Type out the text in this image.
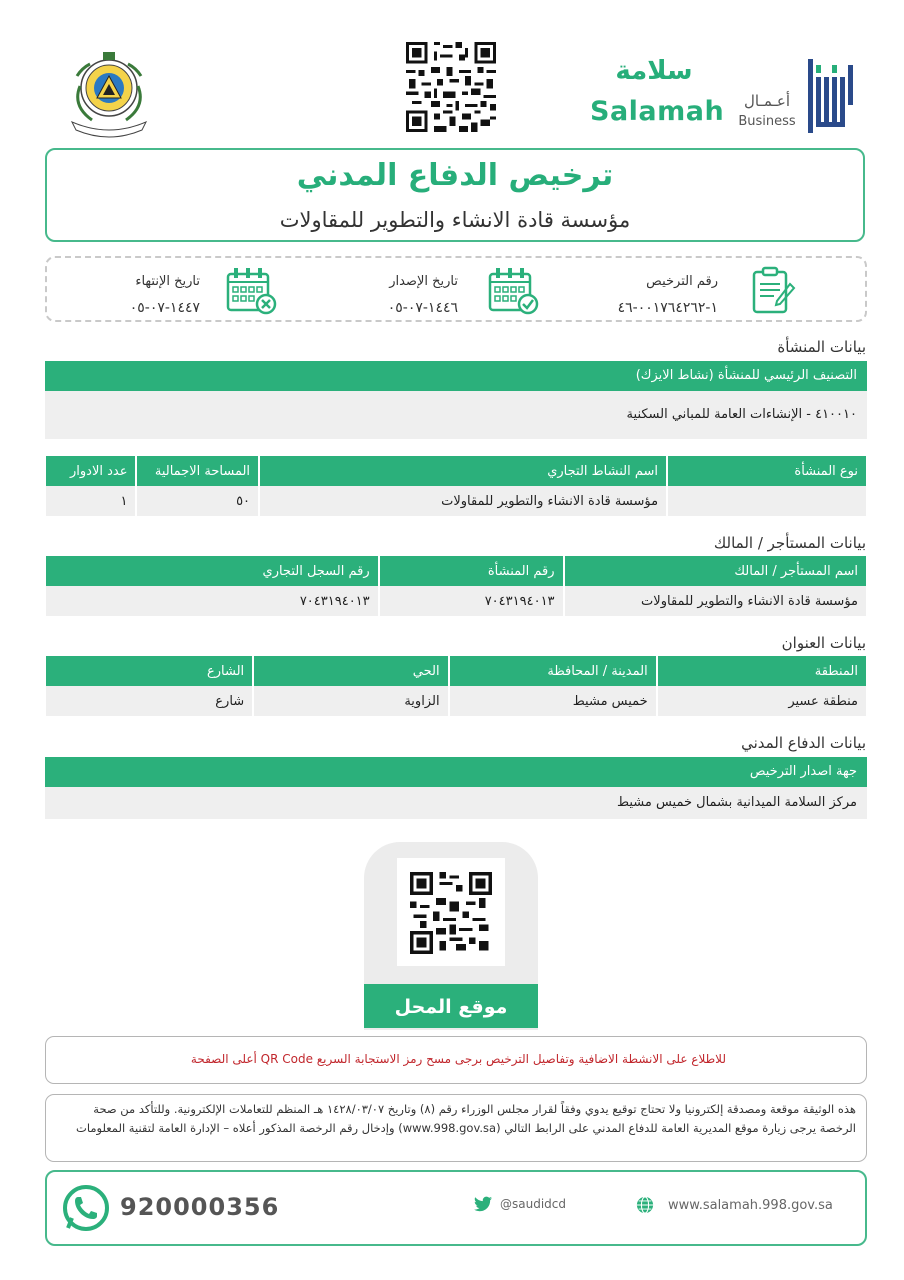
سلامة
Salamah	أعـمـال
Business
ترخيص الدفاع المدني
مؤسسة قادة الانشاء والتطوير للمقاولات
رقم الترخيص
١-٠٠١٧٦٤٢٦٢-٤٦
تاريخ الإصدار
١٤٤٦-٠٧-٠٥
تاريخ الإنتهاء
١٤٤٧-٠٧-٠٥
بيانات المنشأة
التصنيف الرئيسي للمنشأة (نشاط الايزك)
٤١٠٠١٠ - الإنشاءات العامة للمباني السكنية
نوع المنشأة	اسم النشاط التجاري	المساحة الاجمالية	عدد الادوار
	مؤسسة قادة الانشاء والتطوير للمقاولات	٥٠	١
بيانات المستأجر / المالك
اسم المستأجر / المالك	رقم المنشأة	رقم السجل التجاري
مؤسسة قادة الانشاء والتطوير للمقاولات	٧٠٤٣١٩٤٠١٣	٧٠٤٣١٩٤٠١٣
بيانات العنوان
المنطقة	المدينة / المحافظة	الحي	الشارع
منطقة عسير	خميس مشيط	الزاوية	شارع
بيانات الدفاع المدني
جهة اصدار الترخيص
مركز السلامة الميدانية بشمال خميس مشيط
موقع المحل
للاطلاع على الانشطة الاضافية وتفاصيل الترخيص برجى مسح رمز الاستجابة السريع QR Code أعلى الصفحة
هذه الوثيقة موقعة ومصدقة إلكترونيا ولا تحتاج توقيع يدوي وفقاً لقرار مجلس الوزراء رقم (٨) وتاريخ ١٤٢٨/٠٣/٠٧ هـ المنظم للتعاملات الإلكترونية. وللتأكد من صحة الرخصة يرجى زيارة موقع المديرية العامة للدفاع المدني على الرابط التالي (www.998.gov.sa) وإدخال رقم الرخصة المذكور أعلاه – الإدارة العامة لتقنية المعلومات
920000356	@saudidcd	www.salamah.998.gov.sa
